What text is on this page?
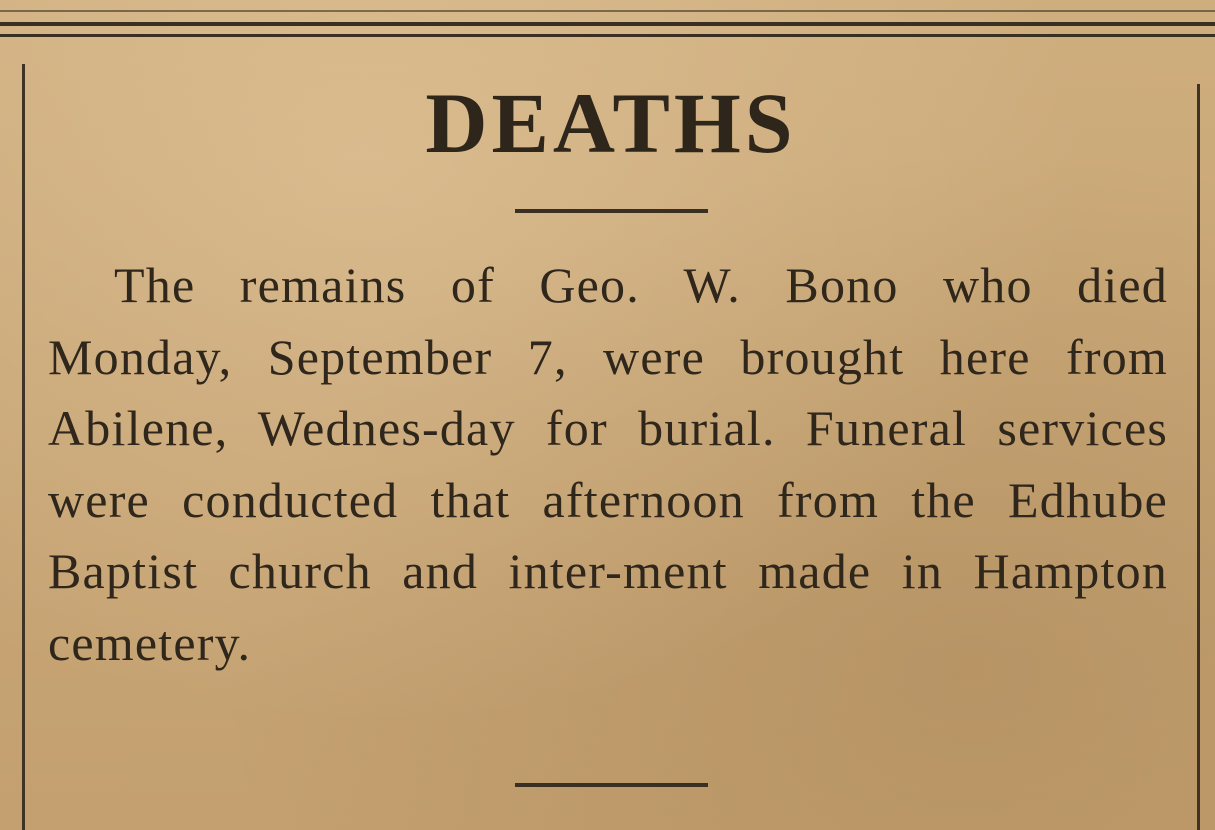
DEATHS
The remains of Geo. W. Bono who died Monday, September 7, were brought here from Abilene, Wednes-day for burial. Funeral services were conducted that afternoon from the Edhube Baptist church and inter-ment made in Hampton cemetery.
